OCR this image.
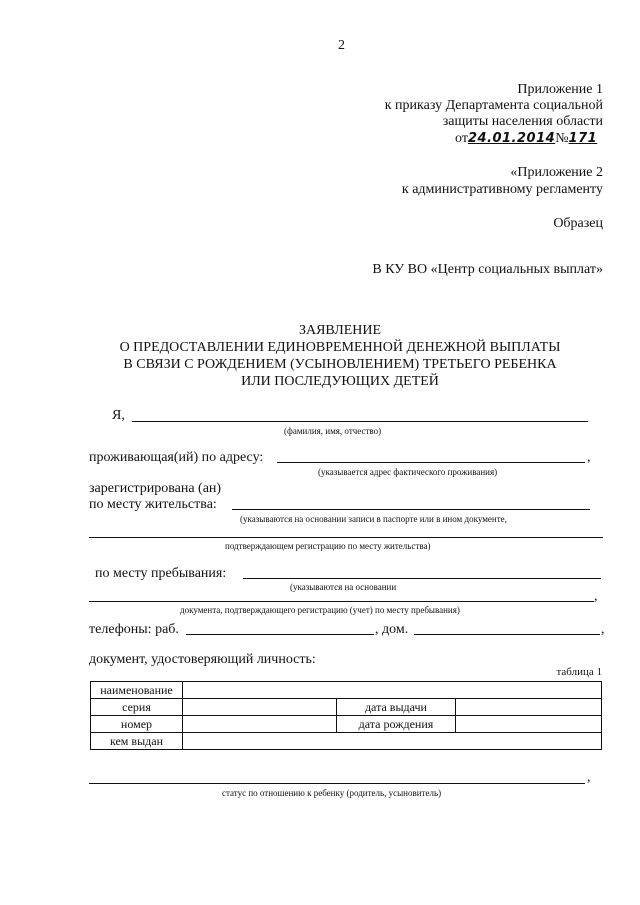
2
Приложение 1
к приказу Департамента социальной
защиты населения области
от24.01.2014№171
«Приложение 2
к административному регламенту
Образец
В КУ ВО «Центр социальных выплат»
ЗАЯВЛЕНИЕ
О ПРЕДОСТАВЛЕНИИ ЕДИНОВРЕМЕННОЙ ДЕНЕЖНОЙ ВЫПЛАТЫ
В СВЯЗИ С РОЖДЕНИЕМ (УСЫНОВЛЕНИЕМ) ТРЕТЬЕГО РЕБЕНКА
ИЛИ ПОСЛЕДУЮЩИХ ДЕТЕЙ
Я,
(фамилия, имя, отчество)
проживающая(ий) по адресу:	,
(указывается адрес фактического проживания)
зарегистрирована (ан)
по месту жительства:
(указываются на основании записи в паспорте или в ином документе,
подтверждающем регистрацию по месту жительства)
по месту пребывания:
(указываются на основании
,
документа, подтверждающего регистрацию (учет) по месту пребывания)
телефоны: раб.	, дом.	,
документ, удостоверяющий личность:
таблица 1
наименование			
серия		дата выдачи	
номер		дата рождения	
кем выдан			
,
статус по отношению к ребенку (родитель, усыновитель)
